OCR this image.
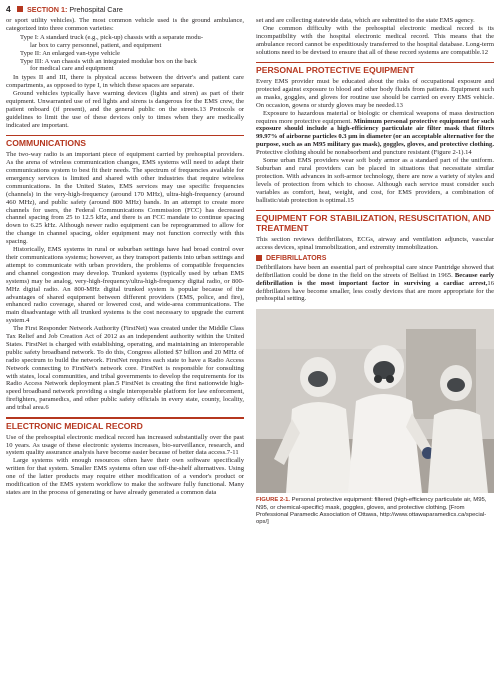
4 SECTION 1: Prehospital Care

or sport utility vehicles). The most common vehicle used is the ground ambulance, categorized into three common varieties:

Type I: A standard truck (e.g., pick-up) chassis with a separate modu-
lar box to carry personnel, patient, and equipment
Type II: An enlarged van-type vehicle
Type III: A van chassis with an integrated modular box on the back
for medical care and equipment

In types II and III, there is physical access between the driver's and patient care compartments, as opposed to type I, in which these spaces are separate.

Ground vehicles typically have warning devices (lights and siren) as part of their equipment. Unwarranted use of red lights and sirens is dangerous for the EMS crew, the patient onboard (if present), and the general public on the streets.13 Protocols or guidelines to limit the use of these devices only to times when they are medically indicated are important.

COMMUNICATIONS

The two-way radio is an important piece of equipment carried by prehospital providers. As the arena of wireless communication changes, EMS systems will need to adapt their communications system to best fit their needs. The spectrum of frequencies available for emergency services is limited and shared with other industries that require wireless communications. In the United States, EMS services may use specific frequencies (channels) in the very-high-frequency (around 170 MHz), ultra-high-frequency (around 460 MHz), and public safety (around 800 MHz) bands. In an attempt to create more channels for users, the Federal Communications Commission (FCC) has decreased channel spacing from 25 to 12.5 kHz, and there is an FCC mandate to continue spacing down to 6.25 kHz. Although newer radio equipment can be reprogrammed to allow for the change in channel spacing, older equipment may not function correctly with this spacing.

Historically, EMS systems in rural or suburban settings have had broad control over their communications systems; however, as they transport patients into urban settings and attempt to communicate with urban providers, the problems of compatible frequencies and channel congestion may develop. Trunked systems (typically used by urban EMS systems) may be analog, very-high-frequency/ultra-high-frequency digital radio, or 800-MHz digital radio. An 800-MHz digital trunked system is popular because of the advantages of shared equipment between different providers (EMS, police, and fire), enhanced radio coverage, shared or lowered cost, and wide-area communications. The main disadvantage with all trunked systems is the cost necessary to upgrade the current system.4

The First Responder Network Authority (FirstNet) was created under the Middle Class Tax Relief and Job Creation Act of 2012 as an independent authority within the United States. FirstNet is charged with establishing, operating, and maintaining an interoperable public safety broadband network. To do this, Congress allotted $7 billion and 20 MHz of radio spectrum to build the network. FirstNet requires each state to have a Radio Access Network connecting to FirstNet's network core. FirstNet is responsible for consulting with states, local communities, and tribal governments to develop the requirements for its Radio Access Network deployment plan.5 FirstNet is creating the first nationwide high-speed broadband network providing a single interoperable platform for law enforcement, firefighters, paramedics, and other public safety officials in every state, county, locality, and tribal area.6

ELECTRONIC MEDICAL RECORD

Use of the prehospital electronic medical record has increased substantially over the past 10 years. As usage of these electronic systems increases, bio-surveillance, research, and system quality assurance analysis have become easier because of better data access.7-11

Large systems with enough resources often have their own software specifically written for that system. Smaller EMS systems often use off-the-shelf alternatives. Using one of the latter products may require either modification of a vendor's product or modification of the EMS system workflow to make the software fully functional. Many states are in the process of generating or have already generated a common data

set and are collecting statewide data, which are submitted to the state EMS agency.

One common difficulty with the prehospital electronic medical record is its incompatibility with the hospital electronic medical record. This means that the ambulance record cannot be expeditiously transferred to the hospital database. Long-term solutions need to be devised to ensure that all of these record systems are compatible.12

PERSONAL PROTECTIVE EQUIPMENT

Every EMS provider must be educated about the risks of occupational exposure and protected against exposure to blood and other body fluids from patients. Equipment such as masks, goggles, and gloves for routine use should be carried on every EMS vehicle. On occasion, gowns or sturdy gloves may be needed.13

Exposure to hazardous material or biologic or chemical weapons of mass destruction requires more protective equipment. Minimum personal protective equipment for such exposure should include a high-efficiency particulate air filter mask that filters 99.97% of airborne particles 0.3 μm in diameter (or an acceptable alternative for the purpose, such as an M95 military gas mask), goggles, gloves, and protective clothing. Protective clothing should be nonabsorbent and puncture resistant (Figure 2-1).14

Some urban EMS providers wear soft body armor as a standard part of the uniform. Suburban and rural providers can be placed in situations that necessitate similar protection. With advances in soft-armor technology, there are now a variety of styles and levels of protection from which to choose. Although each service must consider such variables as comfort, heat, weight, and cost, for EMS providers, a combination of ballistic/stab protection is optimal.15

EQUIPMENT FOR STABILIZATION, RESUSCITATION, AND TREATMENT

This section reviews defibrillators, ECGs, airway and ventilation adjuncts, vascular access devices, spinal immobilization, and extremity immobilization.

DEFIBRILLATORS

Defibrillators have been an essential part of prehospital care since Pantridge showed that defibrillation could be done in the field on the streets of Belfast in 1965. Because early defibrillation is the most important factor in surviving a cardiac arrest,16 defibrillators have become smaller, less costly devices that are more appropriate for the prehospital setting.

FIGURE 2-1. Personal protective equipment: filtered (high-efficiency particulate air, M95, N95, or chemical-specific) mask, goggles, gloves, and protective clothing. [From Professional Paramedic Association of Ottawa, http://www.ottawaparamedics.ca/special-ops/]
